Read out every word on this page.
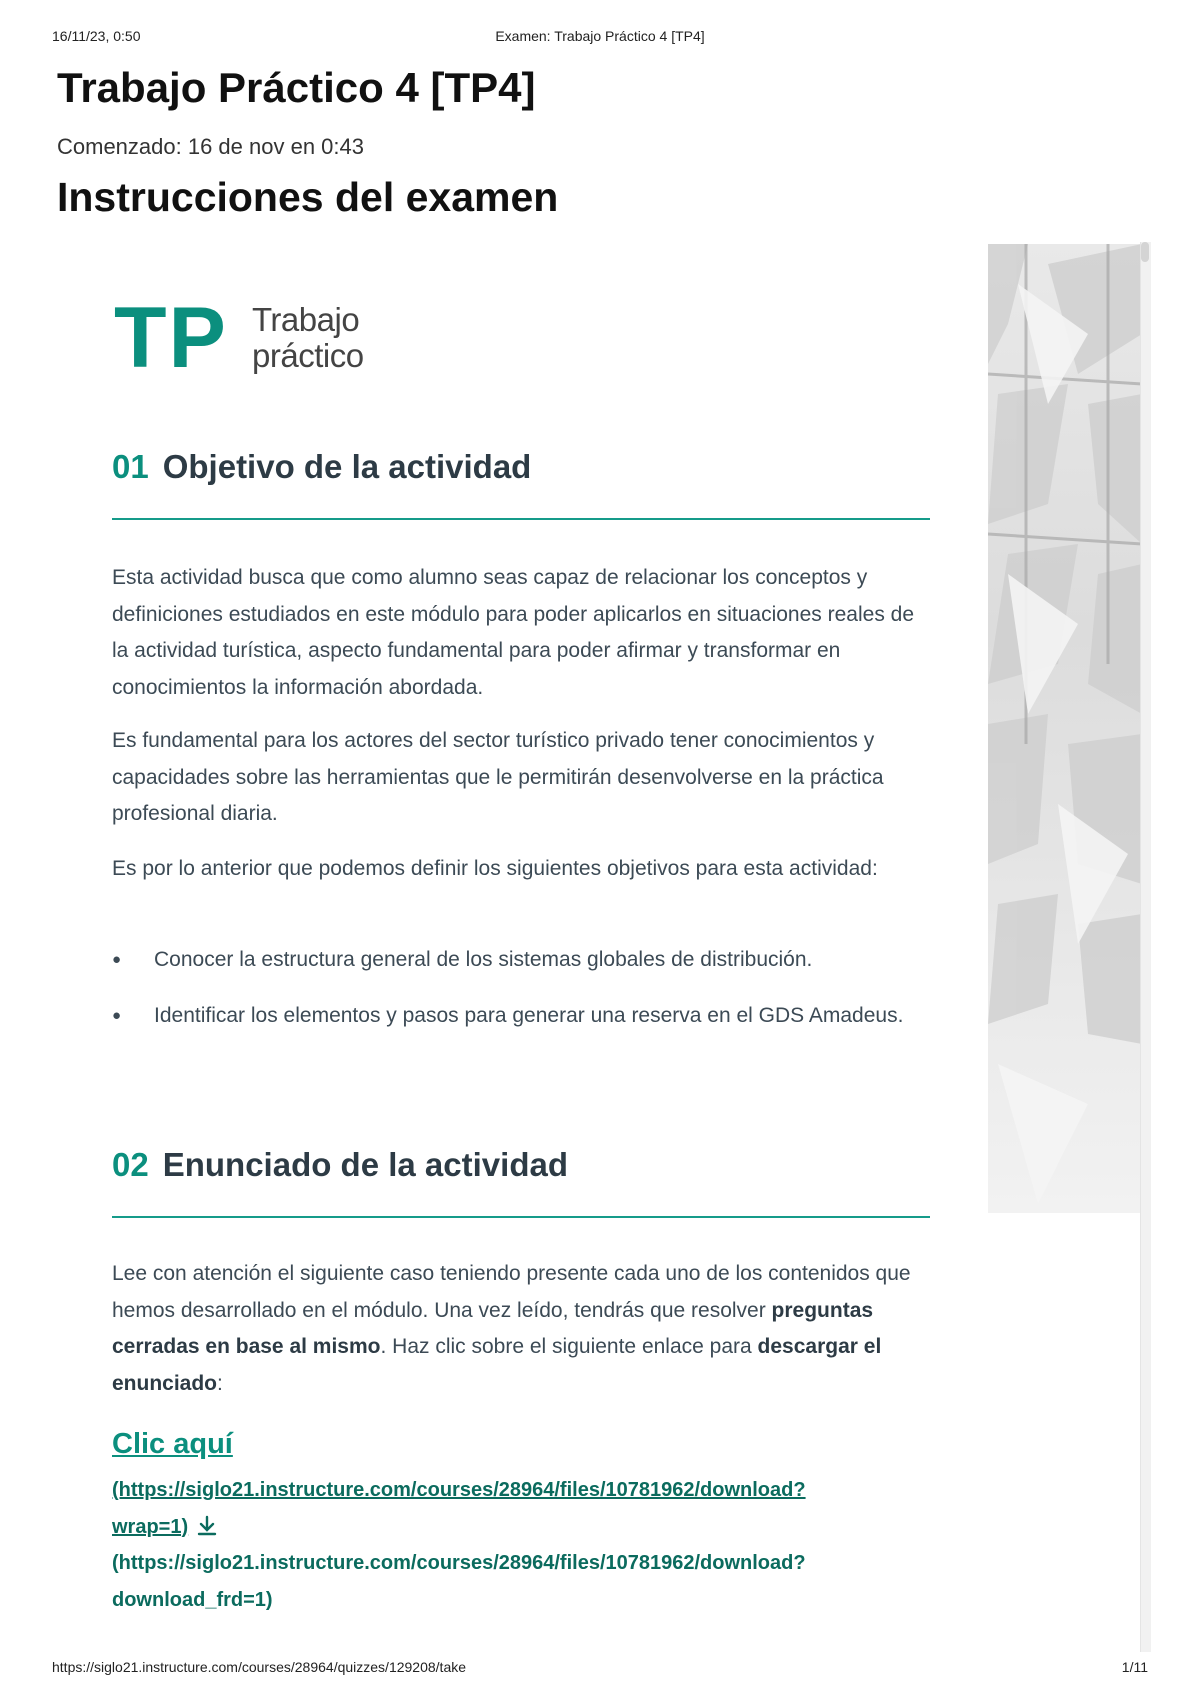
16/11/23, 0:50	Examen: Trabajo Práctico 4 [TP4]
Trabajo Práctico 4 [TP4]
Comenzado: 16 de nov en 0:43
Instrucciones del examen
TP Trabajo
práctico
01 Objetivo de la actividad

Esta actividad busca que como alumno seas capaz de relacionar los conceptos y definiciones estudiados en este módulo para poder aplicarlos en situaciones reales de la actividad turística, aspecto fundamental para poder afirmar y transformar en conocimientos la información abordada.

Es fundamental para los actores del sector turístico privado tener conocimientos y capacidades sobre las herramientas que le permitirán desenvolverse en la práctica profesional diaria.

Es por lo anterior que podemos definir los siguientes objetivos para esta actividad:

● Conocer la estructura general de los sistemas globales de distribución.

● Identificar los elementos y pasos para generar una reserva en el GDS Amadeus.

02 Enunciado de la actividad

Lee con atención el siguiente caso teniendo presente cada uno de los contenidos que hemos desarrollado en el módulo. Una vez leído, tendrás que resolver preguntas cerradas en base al mismo. Haz clic sobre el siguiente enlace para descargar el enunciado:

Clic aquí
(https://siglo21.instructure.com/courses/28964/files/10781962/download?
wrap=1)
(https://siglo21.instructure.com/courses/28964/files/10781962/download?
download_frd=1)
https://siglo21.instructure.com/courses/28964/quizzes/129208/take	1/11
